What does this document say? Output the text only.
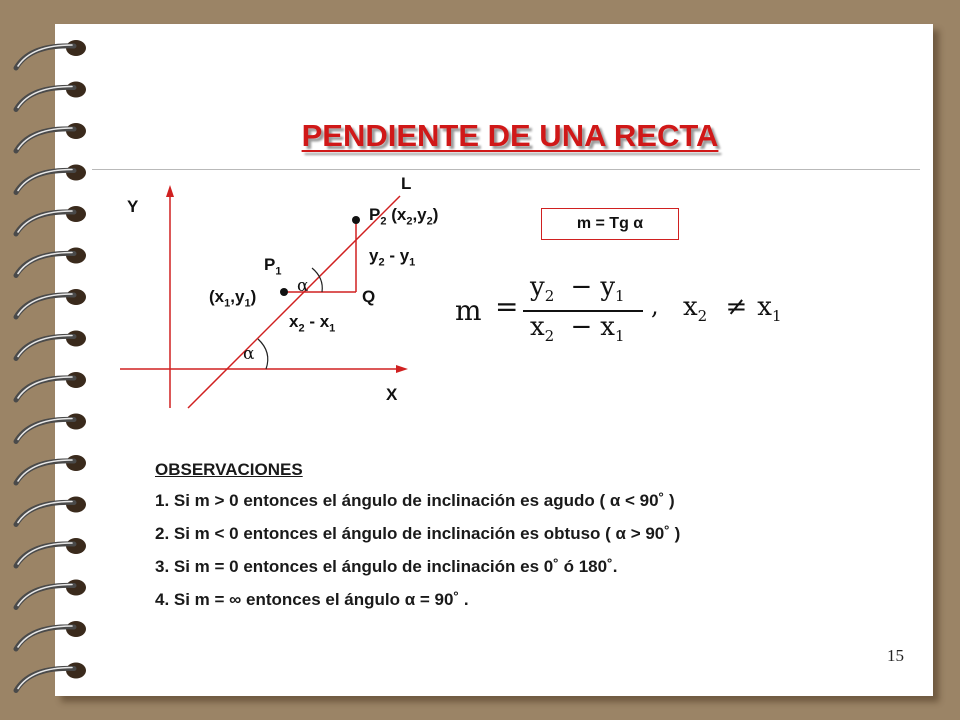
PENDIENTE DE UNA RECTA
Y
X
L
$P_2$ $(x_2,y_2)$
$P_1$
$(x_1,y_1)$	Q
$y_2 - y_1$
$x_2 - x_1$
α
α
m = Tg α
m =
$y_2 - y_1$
$x_2 - x_1$
, $x_2 \ne x_1$
OBSERVACIONES
1. Si m > 0 entonces el ángulo de inclinación es agudo ( α < 90˚ )
2. Si m < 0 entonces el ángulo de inclinación es obtuso ( α > 90˚ )
3. Si m = 0 entonces el ángulo de inclinación es 0˚ ó 180˚.
4. Si m = ∞ entonces el ángulo α = 90˚ .
15
